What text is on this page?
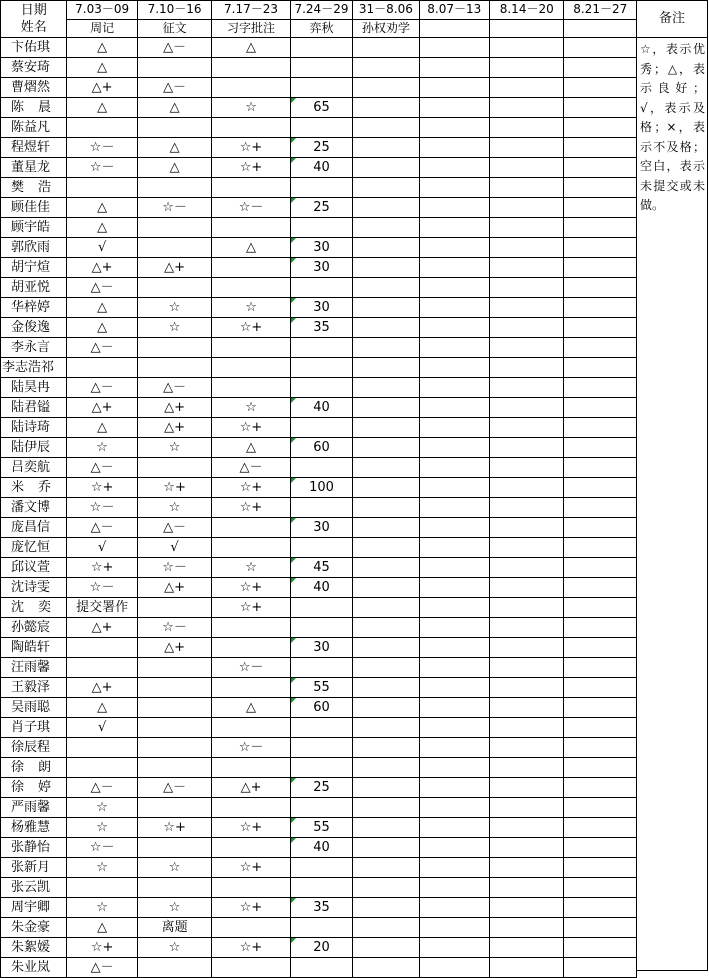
日期
姓名	7.03－09	7.10－16	7.17－23	7.24－29	31－8.06	8.07－13	8.14－20	8.21－27
	周记	征文	习字批注	弈秋	孙权劝学			
卞佑琪	△	△－	△					
蔡安琦	△							
曹熠然	△+	△－						
陈晨	△	△	☆	65				
陈益凡								
程煜轩	☆－	△	☆+	25				
董星龙	☆－	△	☆+	40				
樊浩								
顾佳佳	△	☆－	☆－	25				
顾宇皓	△							
郭欣雨	√		△	30				
胡宁煊	△+	△+		30				
胡亚悦	△－							
华梓婷	△	☆	☆	30				
金俊逸	△	☆	☆+	35				
李永言	△－							
李志浩祁								
陆昊冉	△－	△－						
陆君镒	△+	△+	☆	40				
陆诗琦	△	△+	☆+					
陆伊辰	☆	☆	△	60				
吕奕航	△－		△－					
米乔	☆+	☆+	☆+	100				
潘文博	☆－	☆	☆+					
庞昌信	△－	△－		30				
庞忆恒	√	√						
邱议萱	☆+	☆－	☆	45				
沈诗雯	☆－	△+	☆+	40				
沈奕	提交署作		☆+					
孙懿宸	△+	☆－						
陶皓轩		△+		30				
汪雨馨			☆－					
王毅泽	△+			55				
吴雨聪	△		△	60				
肖子琪	√							
徐辰程			☆－					
徐朗								
徐婷	△－	△－	△+	25				
严雨馨	☆							
杨雅慧	☆	☆+	☆+	55				
张静怡	☆－			40				
张新月	☆	☆	☆+					
张云凯								
周宇卿	☆	☆	☆+	35				
朱金豪	△	离题						
朱絮媛	☆+	☆	☆+	20				
朱业岚	△－							
备注
☆，表示优秀；△，表示良好；√，表示及格；×，表示不及格；空白，表示未提交或未做。
